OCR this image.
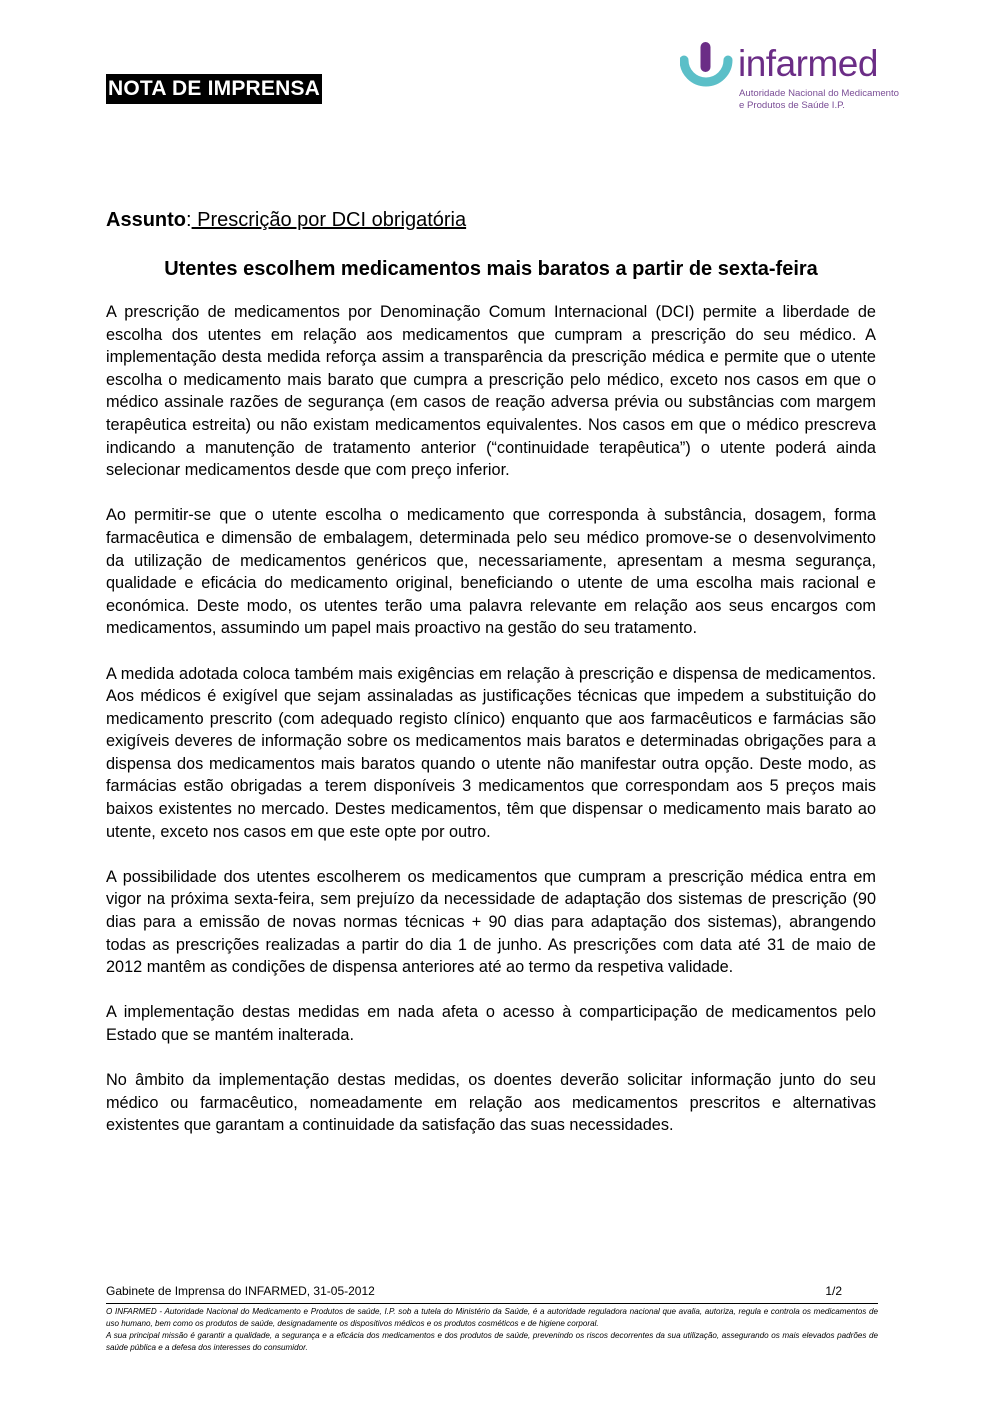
NOTA DE IMPRENSA
infarmed
Autoridade Nacional do Medicamento
e Produtos de Saúde I.P.
Assunto: Prescrição por DCI obrigatória
Utentes escolhem medicamentos mais baratos a partir de sexta-feira

A prescrição de medicamentos por Denominação Comum Internacional (DCI) permite a liberdade de escolha dos utentes em relação aos medicamentos que cumpram a prescrição do seu médico. A implementação desta medida reforça assim a transparência da prescrição médica e permite que o utente escolha o medicamento mais barato que cumpra a prescrição pelo médico, exceto nos casos em que o médico assinale razões de segurança (em casos de reação adversa prévia ou substâncias com margem terapêutica estreita) ou não existam medicamentos equivalentes. Nos casos em que o médico prescreva indicando a manutenção de tratamento anterior (“continuidade terapêutica”) o utente poderá ainda selecionar medicamentos desde que com preço inferior.

Ao permitir-se que o utente escolha o medicamento que corresponda à substância, dosagem, forma farmacêutica e dimensão de embalagem, determinada pelo seu médico promove-se o desenvolvimento da utilização de medicamentos genéricos que, necessariamente, apresentam a mesma segurança, qualidade e eficácia do medicamento original, beneficiando o utente de uma escolha mais racional e económica. Deste modo, os utentes terão uma palavra relevante em relação aos seus encargos com medicamentos, assumindo um papel mais proactivo na gestão do seu tratamento.

A medida adotada coloca também mais exigências em relação à prescrição e dispensa de medicamentos. Aos médicos é exigível que sejam assinaladas as justificações técnicas que impedem a substituição do medicamento prescrito (com adequado registo clínico) enquanto que aos farmacêuticos e farmácias são exigíveis deveres de informação sobre os medicamentos mais baratos e determinadas obrigações para a dispensa dos medicamentos mais baratos quando o utente não manifestar outra opção. Deste modo, as farmácias estão obrigadas a terem disponíveis 3 medicamentos que correspondam aos 5 preços mais baixos existentes no mercado. Destes medicamentos, têm que dispensar o medicamento mais barato ao utente, exceto nos casos em que este opte por outro.

A possibilidade dos utentes escolherem os medicamentos que cumpram a prescrição médica entra em vigor na próxima sexta-feira, sem prejuízo da necessidade de adaptação dos sistemas de prescrição (90 dias para a emissão de novas normas técnicas + 90 dias para adaptação dos sistemas), abrangendo todas as prescrições realizadas a partir do dia 1 de junho. As prescrições com data até 31 de maio de 2012 mantêm as condições de dispensa anteriores até ao termo da respetiva validade.

A implementação destas medidas em nada afeta o acesso à comparticipação de medicamentos pelo Estado que se mantém inalterada.

No âmbito da implementação destas medidas, os doentes deverão solicitar informação junto do seu médico ou farmacêutico, nomeadamente em relação aos medicamentos prescritos e alternativas existentes que garantam a continuidade da satisfação das suas necessidades.

Gabinete de Imprensa do INFARMED, 31-05-2012	1/2

O INFARMED - Autoridade Nacional do Medicamento e Produtos de saúde, I.P. sob a tutela do Ministério da Saúde, é a autoridade reguladora nacional que avalia, autoriza, regula e controla os medicamentos de uso humano, bem como os produtos de saúde, designadamente os dispositivos médicos e os produtos cosméticos e de higiene corporal.

A sua principal missão é garantir a qualidade, a segurança e a eficácia dos medicamentos e dos produtos de saúde, prevenindo os riscos decorrentes da sua utilização, assegurando os mais elevados padrões de saúde pública e a defesa dos interesses do consumidor.
